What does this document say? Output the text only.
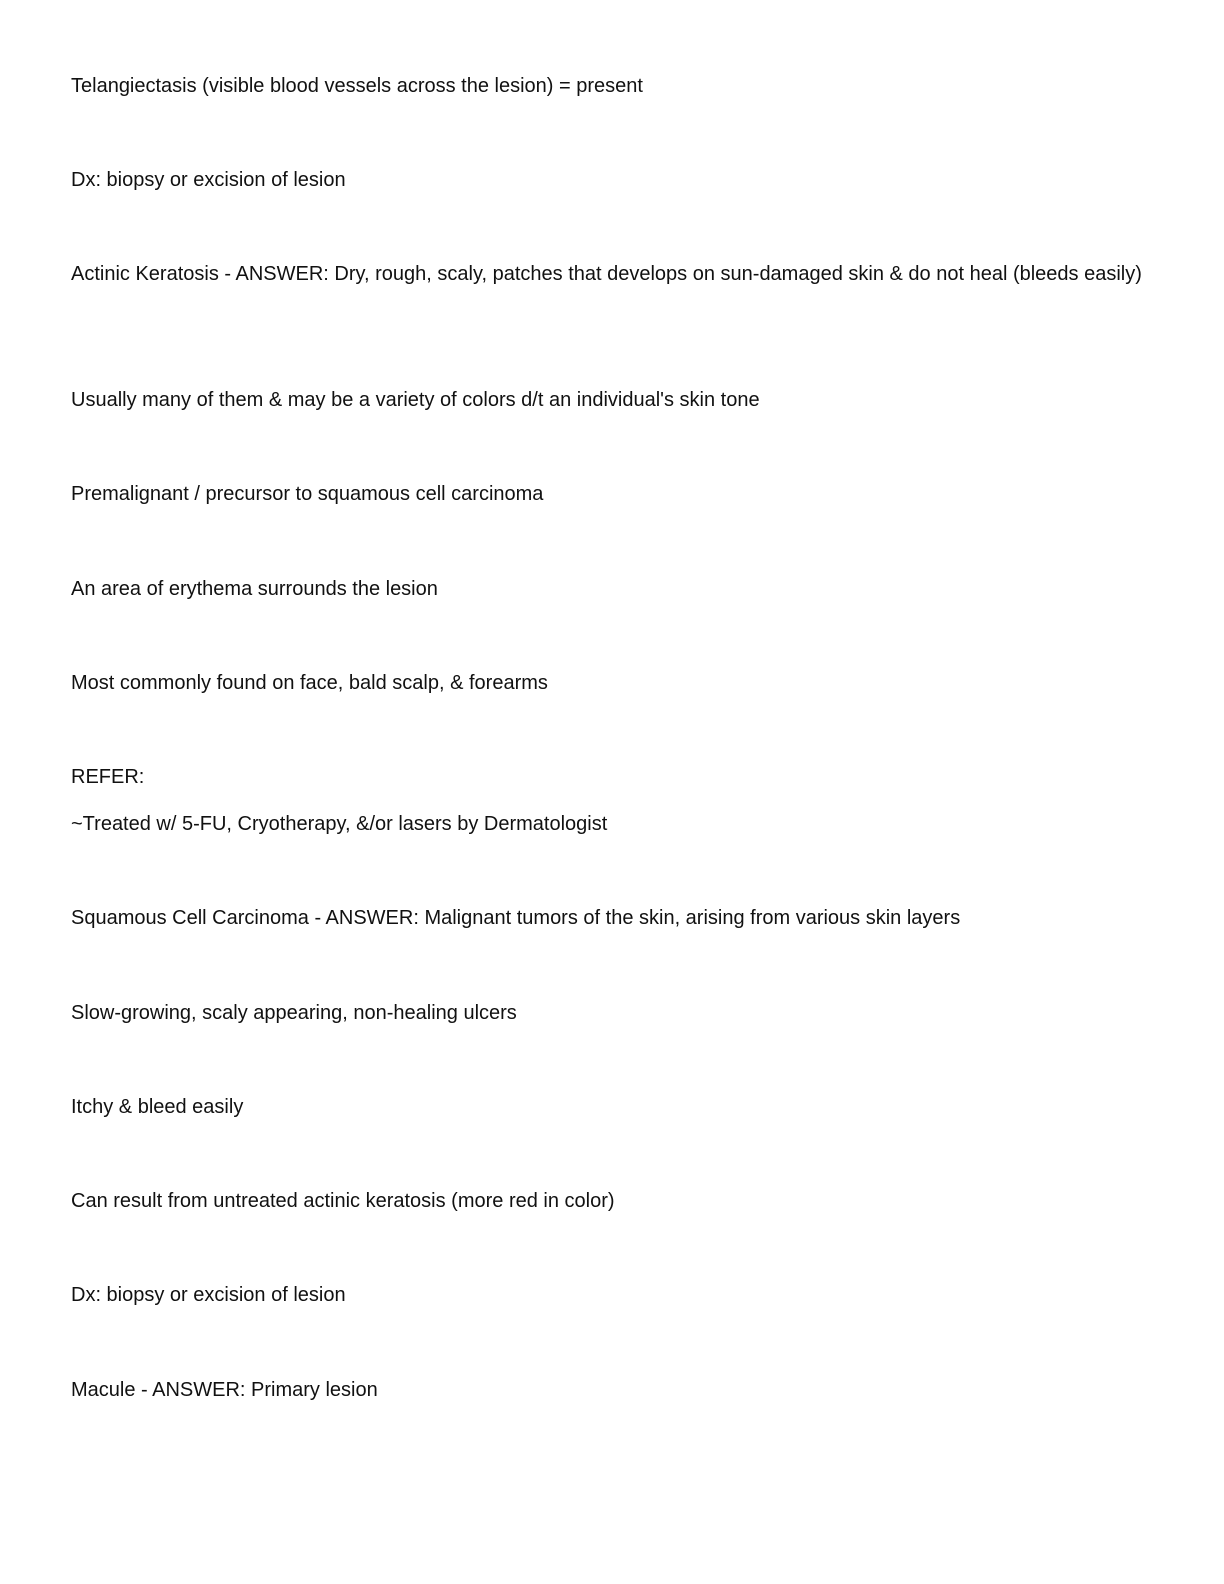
Telangiectasis (visible blood vessels across the lesion) = present
Dx: biopsy or excision of lesion
Actinic Keratosis - ANSWER: Dry, rough, scaly, patches that develops on sun-damaged skin & do not heal (bleeds easily)
Usually many of them & may be a variety of colors d/t an individual's skin tone
Premalignant / precursor to squamous cell carcinoma
An area of erythema surrounds the lesion
Most commonly found on face, bald scalp, & forearms
REFER:
~Treated w/ 5-FU, Cryotherapy, &/or lasers by Dermatologist
Squamous Cell Carcinoma - ANSWER: Malignant tumors of the skin, arising from various skin layers
Slow-growing, scaly appearing, non-healing ulcers
Itchy & bleed easily
Can result from untreated actinic keratosis (more red in color)
Dx: biopsy or excision of lesion
Macule - ANSWER: Primary lesion
